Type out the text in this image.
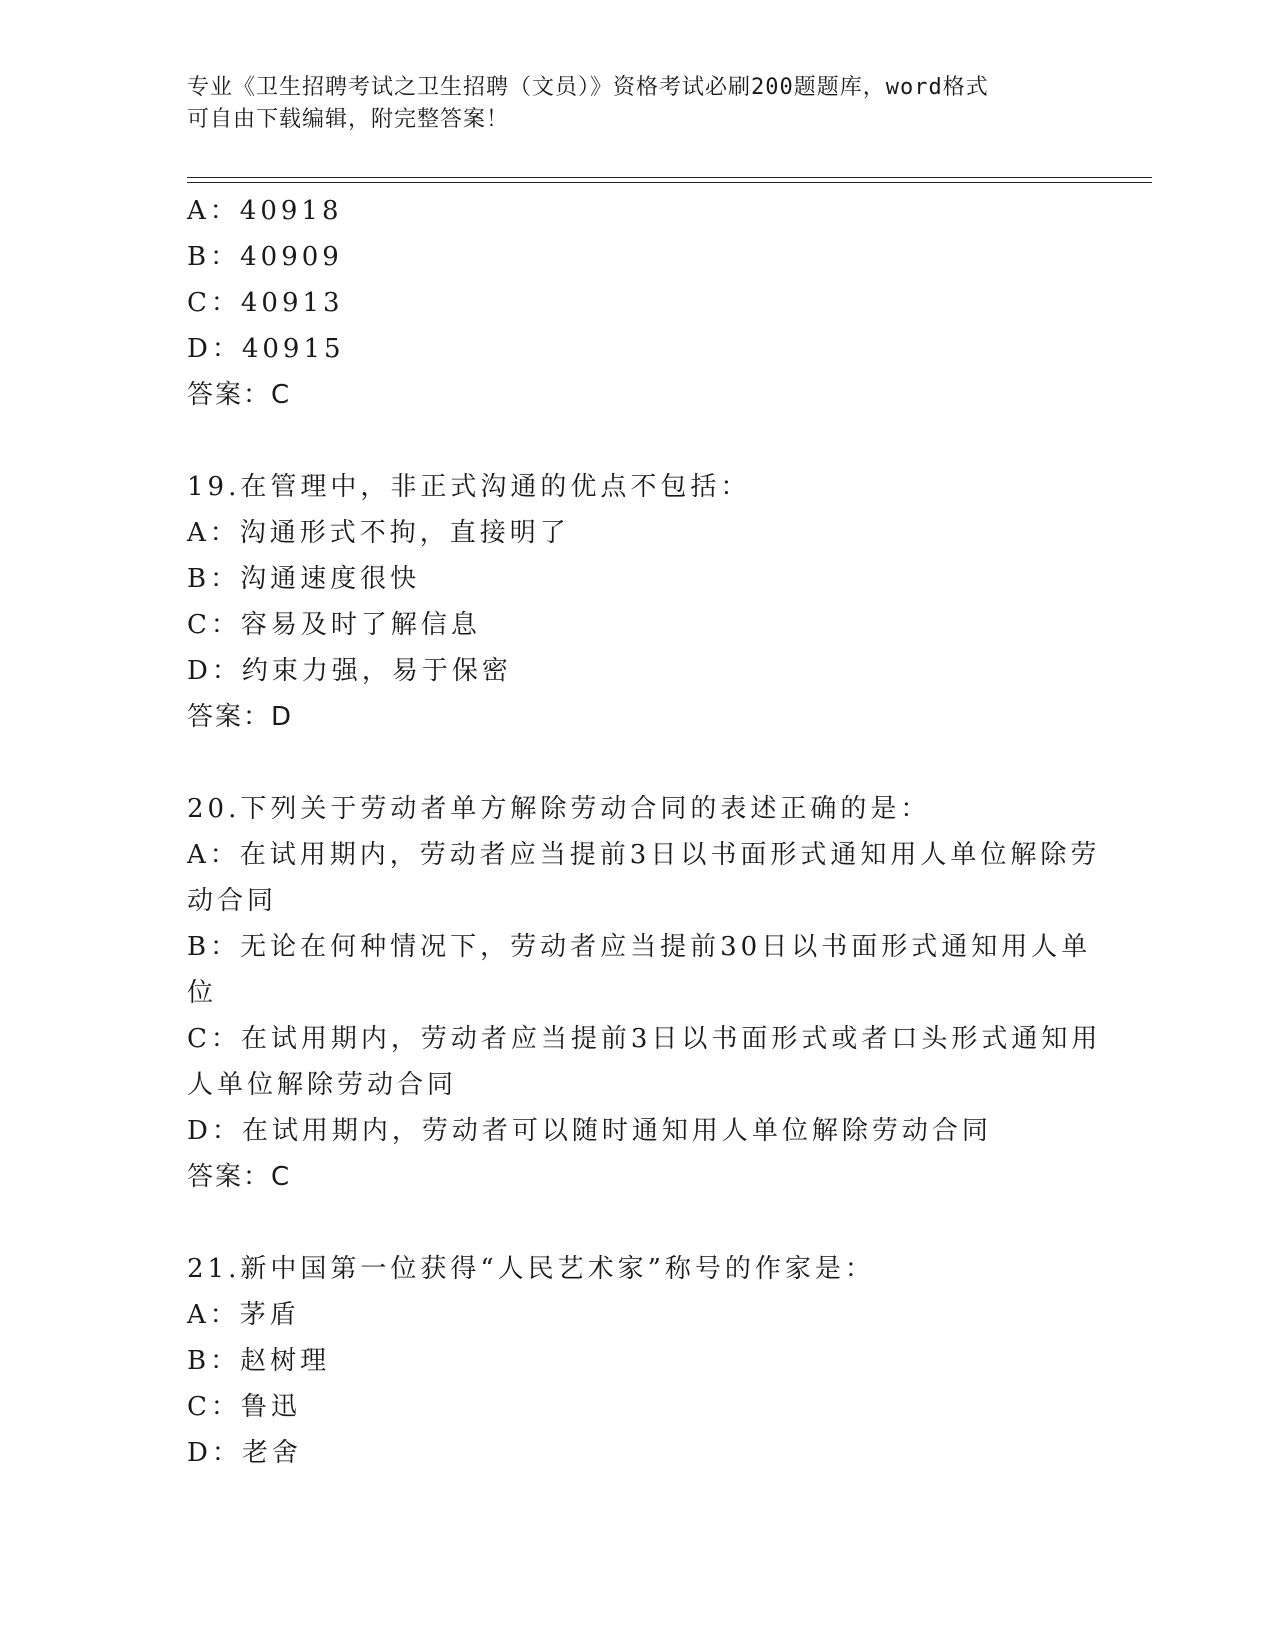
专业《卫生招聘考试之卫生招聘（文员）》资格考试必刷200题题库，word格式
可自由下载编辑，附完整答案！
A：40918
B：40909
C：40913
D：40915
答案：C
19.在管理中，非正式沟通的优点不包括：
A：沟通形式不拘，直接明了
B：沟通速度很快
C：容易及时了解信息
D：约束力强，易于保密
答案：D
20.下列关于劳动者单方解除劳动合同的表述正确的是：
A：在试用期内，劳动者应当提前3日以书面形式通知用人单位解除劳
动合同
B：无论在何种情况下，劳动者应当提前30日以书面形式通知用人单
位
C：在试用期内，劳动者应当提前3日以书面形式或者口头形式通知用
人单位解除劳动合同
D：在试用期内，劳动者可以随时通知用人单位解除劳动合同
答案：C
21.新中国第一位获得“人民艺术家”称号的作家是：
A：茅盾
B：赵树理
C：鲁迅
D：老舍
